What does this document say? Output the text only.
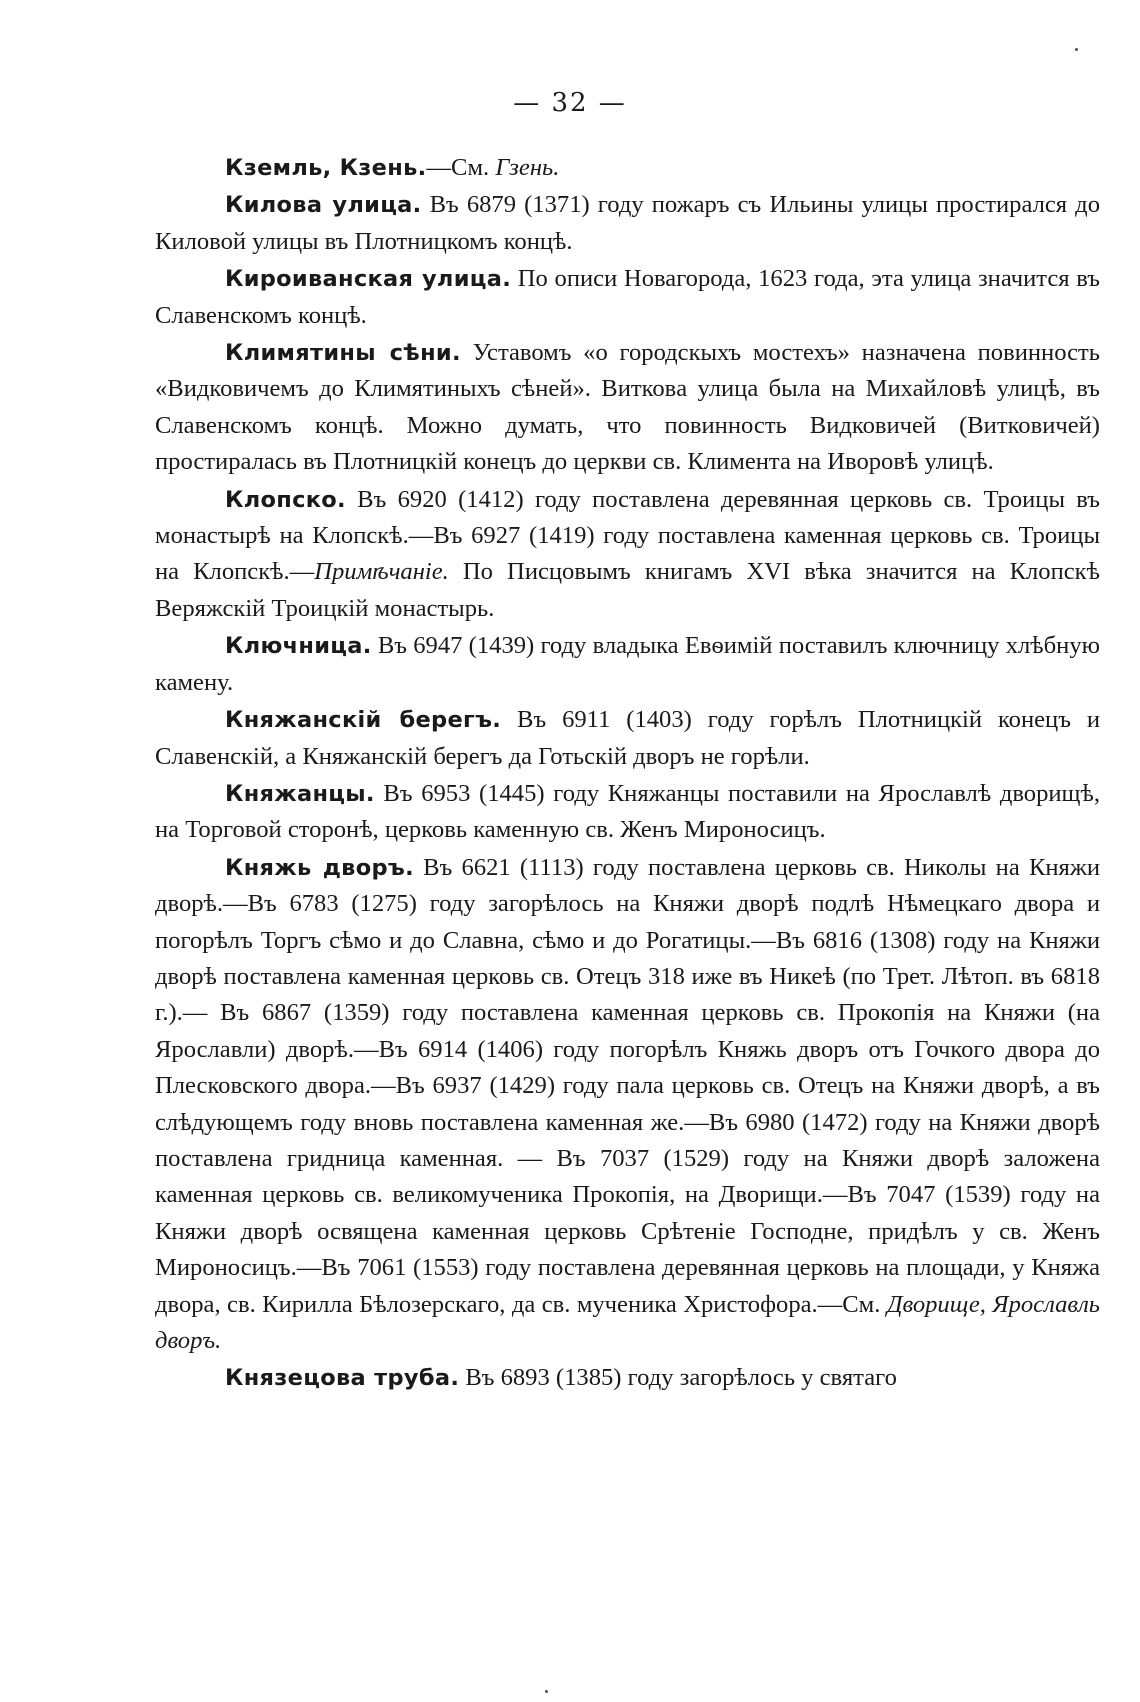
— 32 —

Кземль, Кзень.—См. Гзень.

Килова улица. Въ 6879 (1371) году пожаръ съ Ильины улицы простирался до Киловой улицы въ Плотницкомъ концѣ.

Кироиванская улица. По описи Новагорода, 1623 года, эта улица значится въ Славенскомъ концѣ.

Климятины сѣни. Уставомъ «о городскыхъ мостехъ» назначена повинность «Видковичемъ до Климятиныхъ сѣней». Витковa улица была на Михайловѣ улицѣ, въ Славенскомъ концѣ. Можно думать, что повинность Видковичей (Витковичей) простиралась въ Плотницкій конецъ до церкви св. Климента на Иворовѣ улицѣ.

Клопско. Въ 6920 (1412) году поставлена деревянная церковь св. Троицы въ монастырѣ на Клопскѣ.—Въ 6927 (1419) году поставлена каменная церковь св. Троицы на Клопскѣ.—Примѣчаніе. По Писцовымъ книгамъ XVI вѣка значится на Клопскѣ Веряжскій Троицкій монастырь.

Ключница. Въ 6947 (1439) году владыка Евѳимій поставилъ ключницу хлѣбную камену.

Княжанскій берегъ. Въ 6911 (1403) году горѣлъ Плотницкій конецъ и Славенскій, а Княжанскій берегъ да Готьскій дворъ не горѣли.

Княжанцы. Въ 6953 (1445) году Княжанцы поставили на Ярославлѣ дворищѣ, на Торговой сторонѣ, церковь каменную св. Женъ Мироносицъ.

Княжь дворъ. Въ 6621 (1113) году поставлена церковь св. Николы на Княжи дворѣ.—Въ 6783 (1275) году загорѣлось на Княжи дворѣ подлѣ Нѣмецкаго двора и погорѣлъ Торгъ сѣмо и до Славна, сѣмо и до Рогатицы.—Въ 6816 (1308) году на Княжи дворѣ поставлена каменная церковь св. Отецъ 318 иже въ Никеѣ (по Трет. Лѣтоп. въ 6818 г.).— Въ 6867 (1359) году поставлена каменная церковь св. Прокопія на Княжи (на Ярославли) дворѣ.—Въ 6914 (1406) году погорѣлъ Княжь дворъ отъ Гочкого двора до Плесковского двора.—Въ 6937 (1429) году пала церковь св. Отецъ на Княжи дворѣ, а въ слѣдующемъ году вновь поставлена каменная же.—Въ 6980 (1472) году на Княжи дворѣ поставлена гридница каменная. — Въ 7037 (1529) году на Княжи дворѣ заложена каменная церковь св. великомученика Прокопія, на Дворищи.—Въ 7047 (1539) году на Княжи дворѣ освящена каменная церковь Срѣтеніе Господне, придѣлъ у св. Женъ Мироносицъ.—Въ 7061 (1553) году поставлена деревянная церковь на площади, у Княжа двора, св. Кирилла Бѣлозерскаго, да св. мученика Христофора.—См. Дворище, Ярославль дворъ.

Князецова труба. Въ 6893 (1385) году загорѣлось у святаго
